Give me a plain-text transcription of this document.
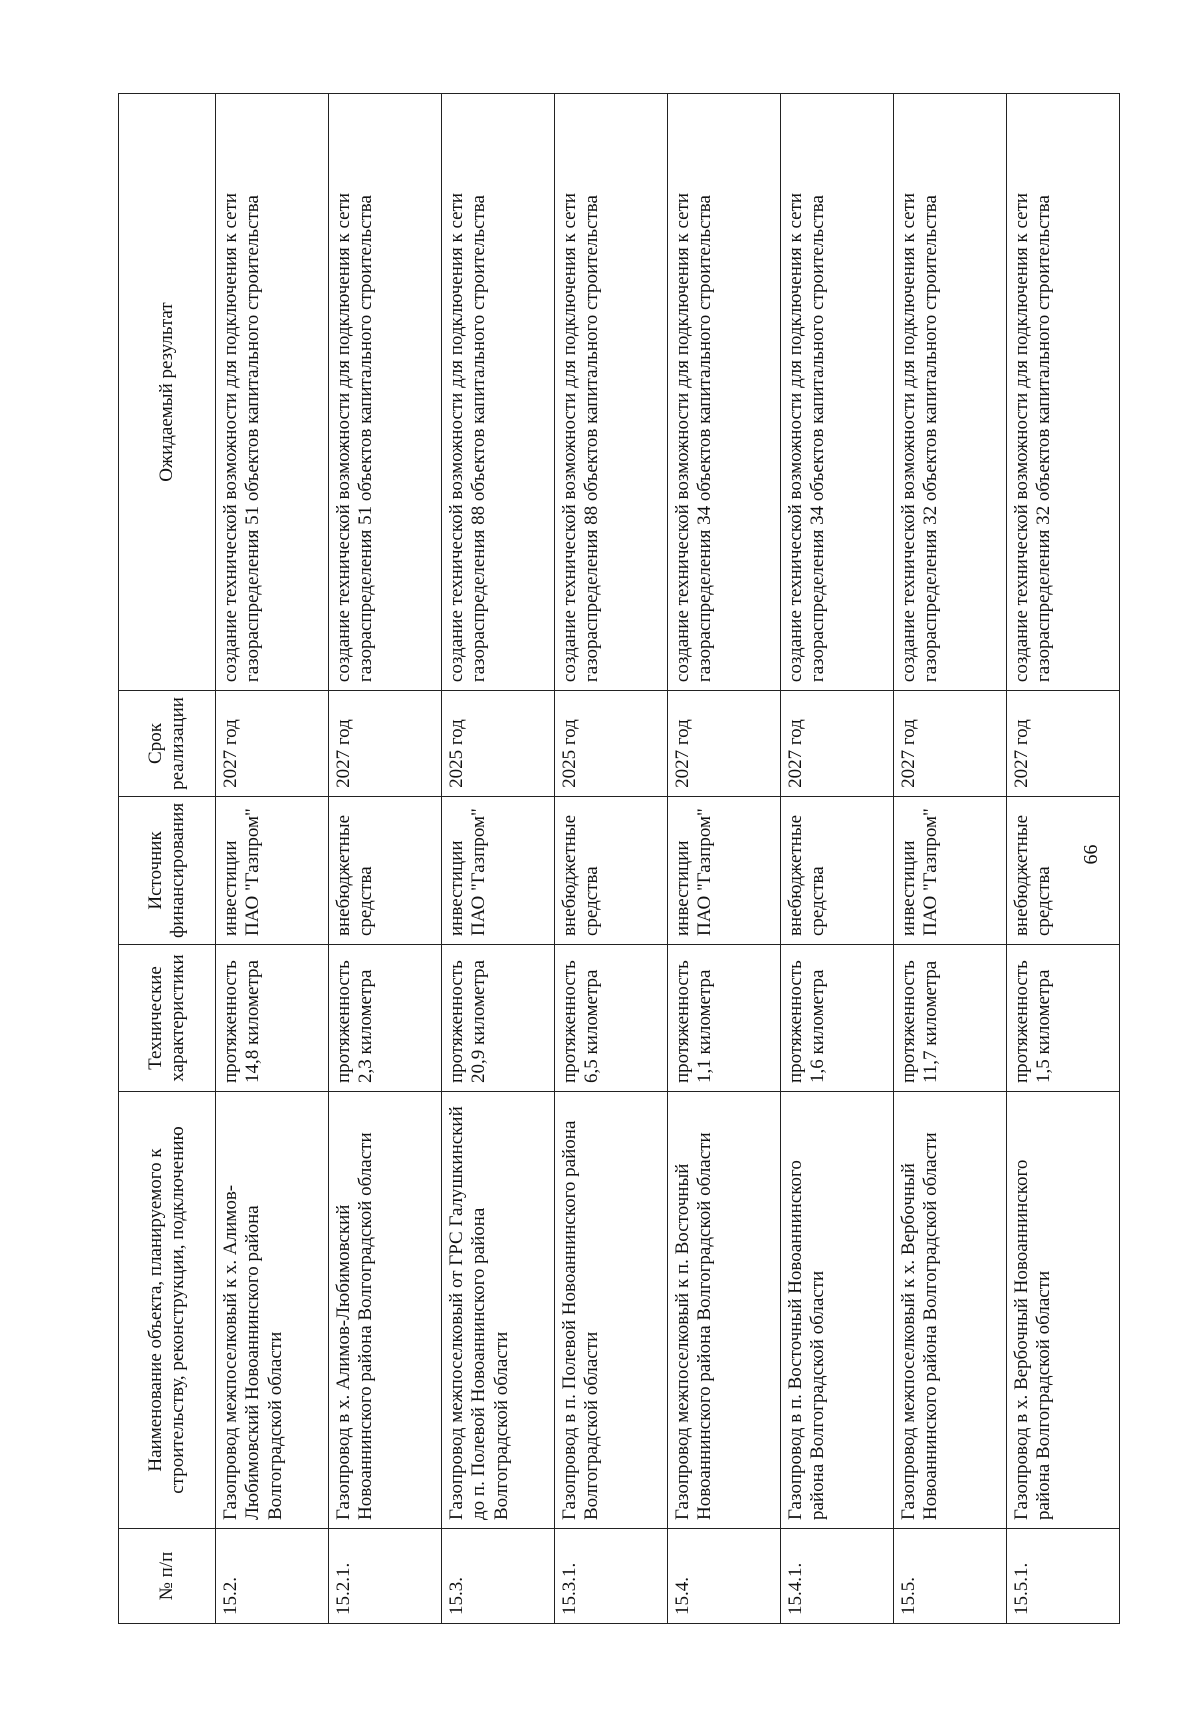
№ п/п	Наименование объекта, планируемого к строительству, реконструкции, подключению	Технические характеристики	Источник финансирования	Срок реализации	Ожидаемый результат
15.2.	Газопровод межпоселковый к х. Алимов-Любимовский Новоаннинского района Волгоградской области	протяженность 14,8 километра	инвестиции ПАО "Газпром"	2027 год	создание технической возможности для подключения к сети газораспределения 51 объектов капитального строительства
15.2.1.	Газопровод в х. Алимов-Любимовский Новоаннинского района Волгоградской области	протяженность 2,3 километра	внебюджетные средства	2027 год	создание технической возможности для подключения к сети газораспределения 51 объектов капитального строительства
15.3.	Газопровод межпоселковый от ГРС Галушкинский до п. Полевой Новоаннинского района Волгоградской области	протяженность 20,9 километра	инвестиции ПАО "Газпром"	2025 год	создание технической возможности для подключения к сети газораспределения 88 объектов капитального строительства
15.3.1.	Газопровод в п. Полевой Новоаннинского района Волгоградской области	протяженность 6,5 километра	внебюджетные средства	2025 год	создание технической возможности для подключения к сети газораспределения 88 объектов капитального строительства
15.4.	Газопровод межпоселковый к п. Восточный Новоаннинского района Волгоградской области	протяженность 1,1 километра	инвестиции ПАО "Газпром"	2027 год	создание технической возможности для подключения к сети газораспределения 34 объектов капитального строительства
15.4.1.	Газопровод в п. Восточный Новоаннинского района Волгоградской области	протяженность 1,6 километра	внебюджетные средства	2027 год	создание технической возможности для подключения к сети газораспределения 34 объектов капитального строительства
15.5.	Газопровод межпоселковый к х. Вербочный Новоаннинского района Волгоградской области	протяженность 11,7 километра	инвестиции ПАО "Газпром"	2027 год	создание технической возможности для подключения к сети газораспределения 32 объектов капитального строительства
15.5.1.	Газопровод в х. Вербочный Новоаннинского района Волгоградской области	протяженность 1,5 километра	внебюджетные средства	2027 год	создание технической возможности для подключения к сети газораспределения 32 объектов капитального строительства
66
